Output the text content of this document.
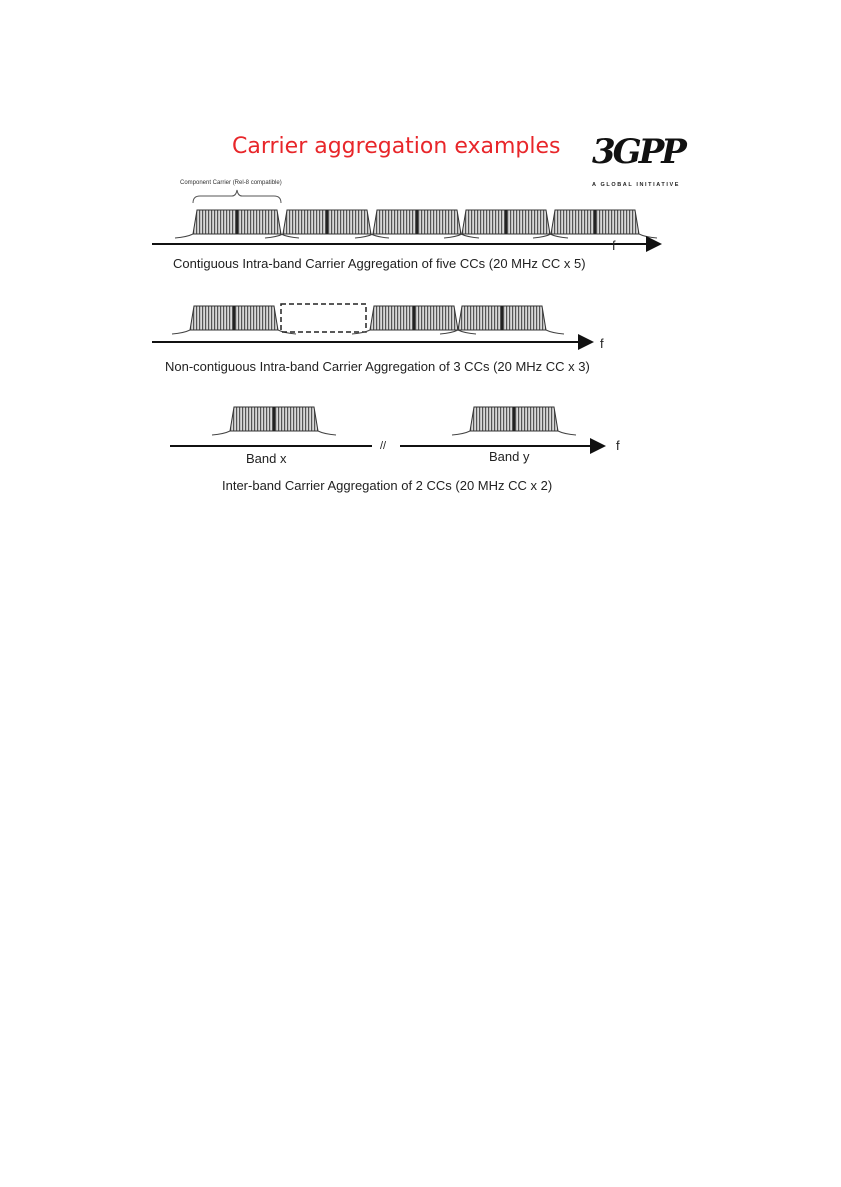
Carrier aggregation examples 3GPP
A GLOBAL INITIATIVE
Component Carrier (Rel-8 compatible)
f
Contiguous Intra-band Carrier Aggregation of five CCs (20 MHz CC x 5)
f
Non-contiguous Intra-band Carrier Aggregation of 3 CCs (20 MHz CC x 3)
//	f
Band x	Band y
Inter-band Carrier Aggregation of 2 CCs (20 MHz CC x 2)
